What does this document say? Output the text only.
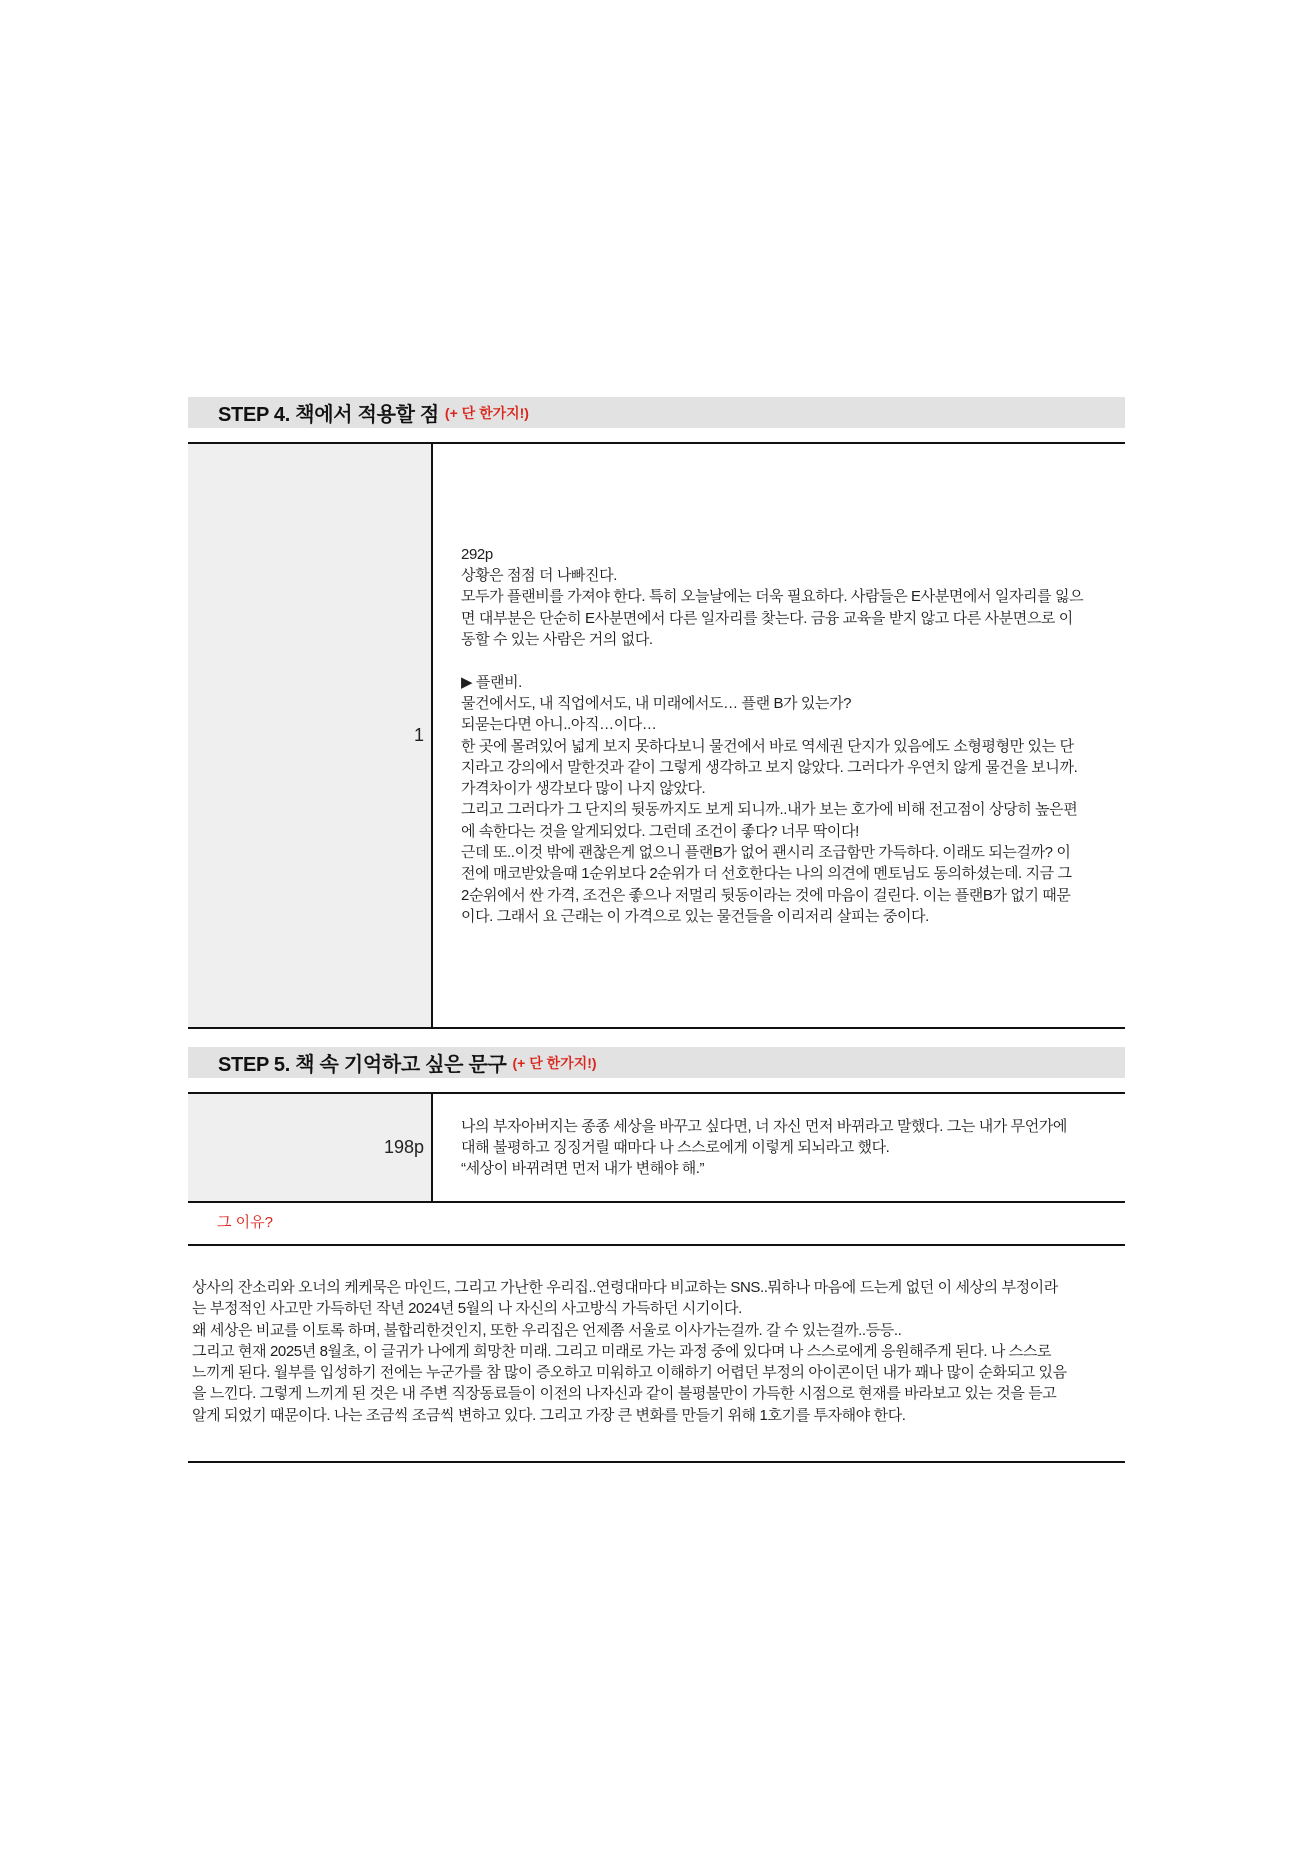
STEP 4. 책에서 적용할 점 (+ 단 한가지!)
1
292p
상황은 점점 더 나빠진다.
모두가 플랜비를 가져야 한다. 특히 오늘날에는 더욱 필요하다. 사람들은 E사분면에서 일자리를 잃으
면 대부분은 단순히 E사분면에서 다른 일자리를 찾는다. 금융 교육을 받지 않고 다른 사분면으로 이
동할 수 있는 사람은 거의 없다.
▶ 플랜비.
물건에서도, 내 직업에서도, 내 미래에서도… 플랜 B가 있는가?
되묻는다면 아니..아직…이다…
한 곳에 몰려있어 넓게 보지 못하다보니 물건에서 바로 역세권 단지가 있음에도 소형평형만 있는 단
지라고 강의에서 말한것과 같이 그렇게 생각하고 보지 않았다. 그러다가 우연치 않게 물건을 보니까.
가격차이가 생각보다 많이 나지 않았다.
그리고 그러다가 그 단지의 뒷동까지도 보게 되니까..내가 보는 호가에 비해 전고점이 상당히 높은편
에 속한다는 것을 알게되었다. 그런데 조건이 좋다? 너무 딱이다!
근데 또..이것 밖에 괜찮은게 없으니 플랜B가 없어 괜시리 조급함만 가득하다. 이래도 되는걸까? 이
전에 매코받았을때 1순위보다 2순위가 더 선호한다는 나의 의견에 멘토님도 동의하셨는데. 지금 그
2순위에서 싼 가격, 조건은 좋으나 저멀리 뒷동이라는 것에 마음이 걸린다. 이는 플랜B가 없기 때문
이다. 그래서 요 근래는 이 가격으로 있는 물건들을 이리저리 살피는 중이다.
STEP 5. 책 속 기억하고 싶은 문구 (+ 단 한가지!)
198p
나의 부자아버지는 종종 세상을 바꾸고 싶다면, 너 자신 먼저 바뀌라고 말했다. 그는 내가 무언가에
대해 불평하고 징징거릴 때마다 나 스스로에게 이렇게 되뇌라고 했다.
“세상이 바뀌려면 먼저 내가 변해야 해.”
그 이유?
상사의 잔소리와 오너의 케케묵은 마인드, 그리고 가난한 우리집..연령대마다 비교하는 SNS..뭐하나 마음에 드는게 없던 이 세상의 부정이라
는 부정적인 사고만 가득하던 작년 2024년 5월의 나 자신의 사고방식 가득하던 시기이다.
왜 세상은 비교를 이토록 하며, 불합리한것인지, 또한 우리집은 언제쯤 서울로 이사가는걸까. 갈 수 있는걸까..등등..
그리고 현재 2025년 8월초, 이 글귀가 나에게 희망찬 미래. 그리고 미래로 가는 과정 중에 있다며 나 스스로에게 응원해주게 된다. 나 스스로
느끼게 된다. 월부를 입성하기 전에는 누군가를 참 많이 증오하고 미워하고 이해하기 어렵던 부정의 아이콘이던 내가 꽤나 많이 순화되고 있음
을 느낀다. 그렇게 느끼게 된 것은 내 주변 직장동료들이 이전의 나자신과 같이 불평불만이 가득한 시점으로 현재를 바라보고 있는 것을 듣고
알게 되었기 때문이다. 나는 조금씩 조금씩 변하고 있다. 그리고 가장 큰 변화를 만들기 위해 1호기를 투자해야 한다.
